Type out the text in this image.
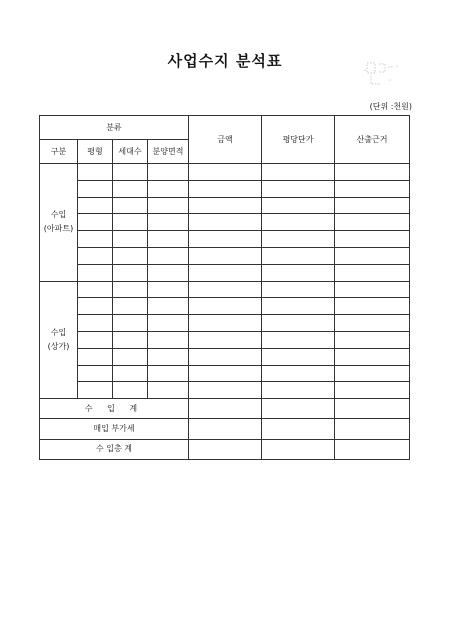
사업수지 분석표
(단위 :천원)
분류				금액	평당단가	산출근거
구분	평형	세대수	분양면적			

수입
(아파트)						

수입
(상가)						

수 입 계						
매입 부가세						
수 입총 계						
